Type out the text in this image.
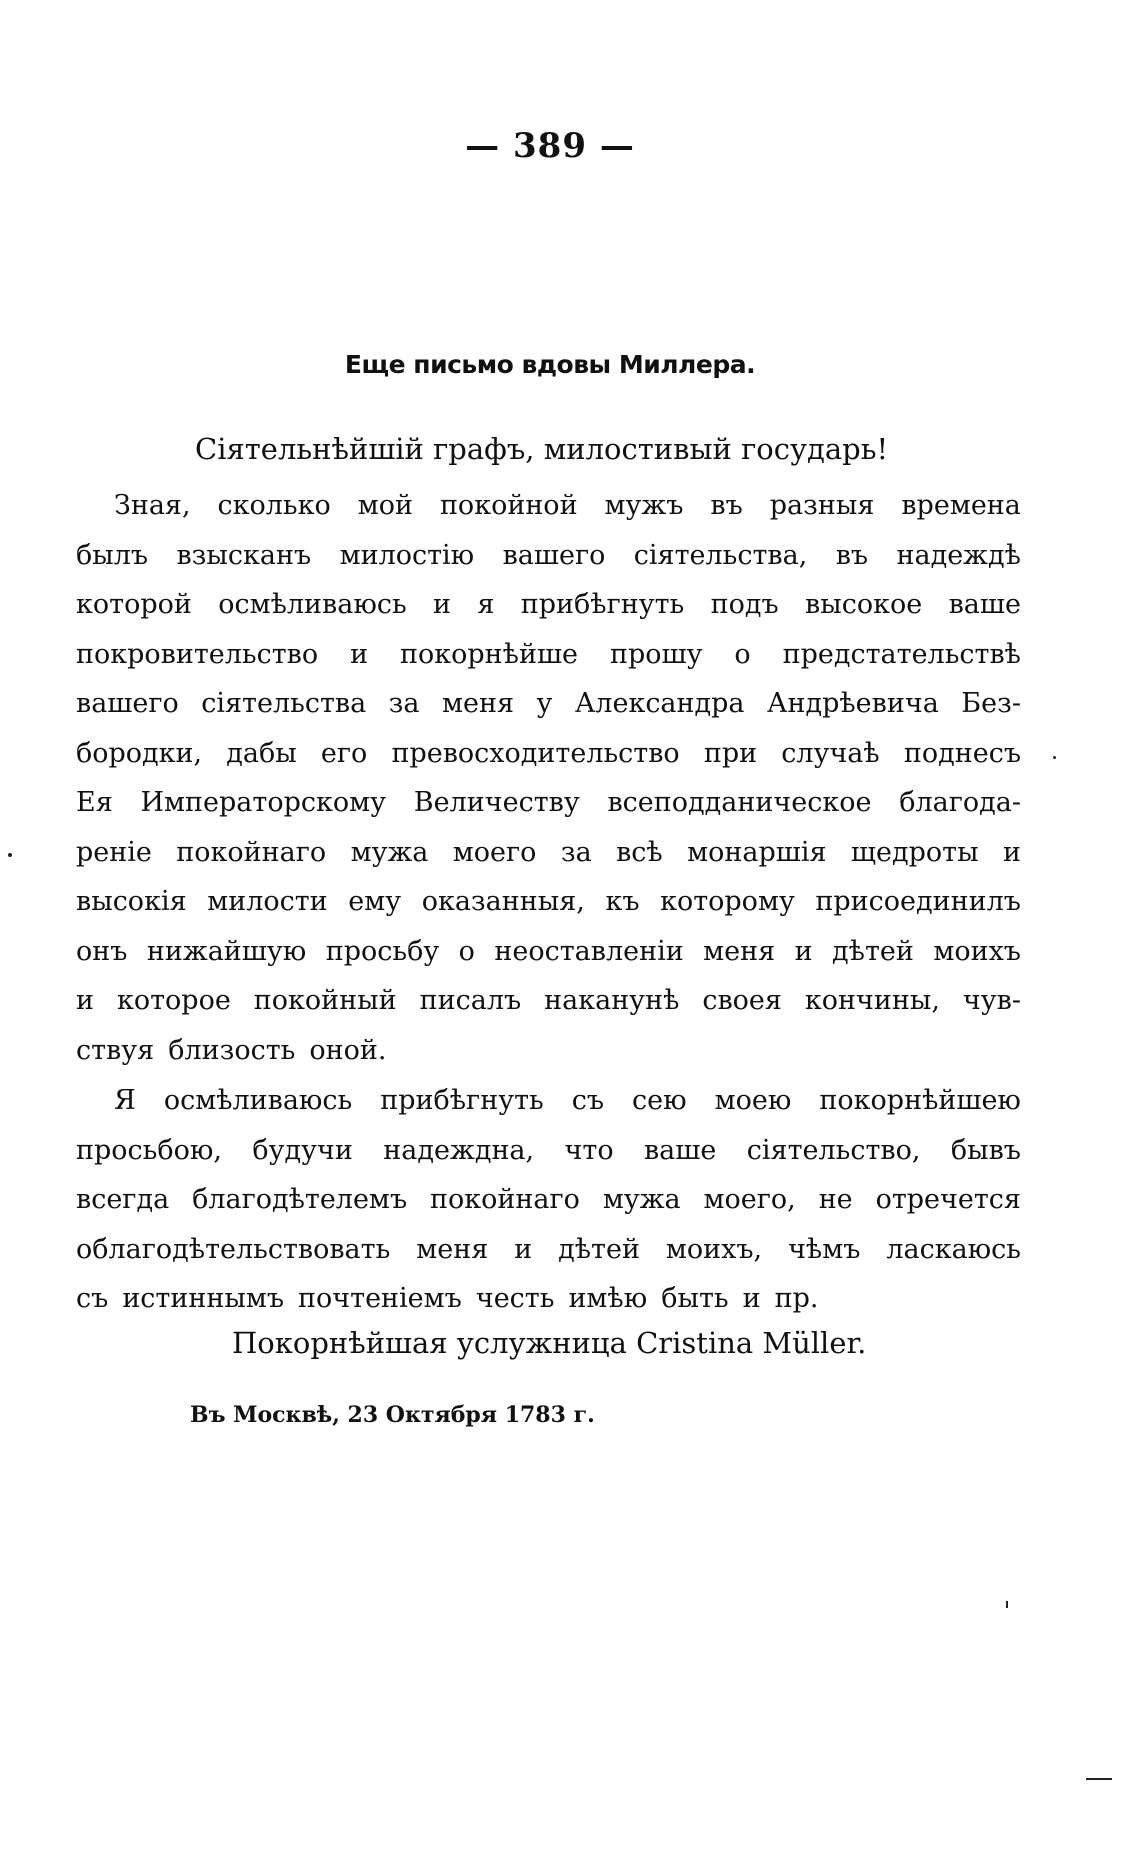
— 389 —
Еще письмо вдовы Миллера.
Сіятельнѣйшій графъ, милостивый государь!
Зная, сколько мой покойной мужъ въ разныя времена
былъ взысканъ милостію вашего сіятельства, въ надеждѣ
которой осмѣливаюсь и я прибѣгнуть подъ высокое ваше
покровительство и покорнѣйше прошу о предстательствѣ
вашего сіятельства за меня у Александра Андрѣевича Без-
бородки, дабы его превосходительство при случаѣ поднесъ
Ея Императорскому Величеству всеподданическое благода-
реніе покойнаго мужа моего за всѣ монаршія щедроты и
высокія милости ему оказанныя, къ которому присоединилъ
онъ нижайшую просьбу о неоставленіи меня и дѣтей моихъ
и которое покойный писалъ наканунѣ своея кончины, чув-
ствуя близость оной.
Я осмѣливаюсь прибѣгнуть съ сею моею покорнѣйшею
просьбою, будучи надеждна, что ваше сіятельство, бывъ
всегда благодѣтелемъ покойнаго мужа моего, не отречется
облагодѣтельствовать меня и дѣтей моихъ, чѣмъ ласкаюсь
съ истиннымъ почтеніемъ честь имѣю быть и пр.
Покорнѣйшая услужница Cristina Müller.
Въ Москвѣ, 23 Октября 1783 г.
